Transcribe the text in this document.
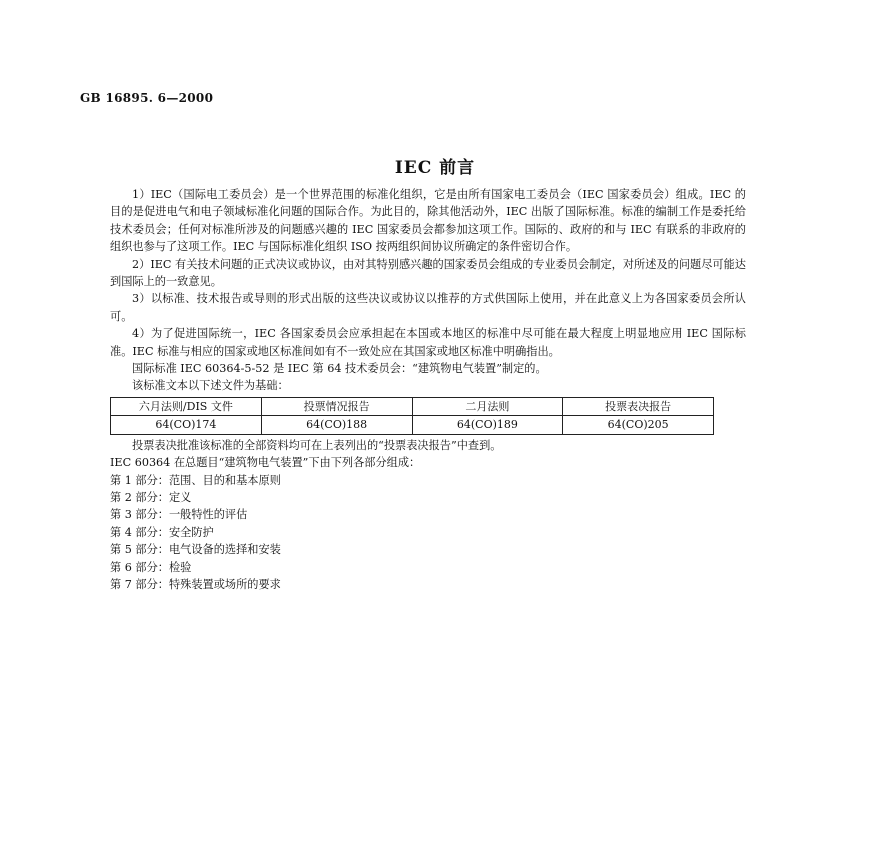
GB 16895. 6—2000
IEC 前言

1）IEC（国际电工委员会）是一个世界范围的标准化组织，它是由所有国家电工委员会（IEC 国家委员会）组成。IEC 的目的是促进电气和电子领域标准化问题的国际合作。为此目的，除其他活动外，IEC 出版了国际标准。标准的编制工作是委托给技术委员会；任何对标准所涉及的问题感兴趣的 IEC 国家委员会都参加这项工作。国际的、政府的和与 IEC 有联系的非政府的组织也参与了这项工作。IEC 与国际标准化组织 ISO 按两组织间协议所确定的条件密切合作。

2）IEC 有关技术问题的正式决议或协议，由对其特别感兴趣的国家委员会组成的专业委员会制定，对所述及的问题尽可能达到国际上的一致意见。

3）以标准、技术报告或导则的形式出版的这些决议或协议以推荐的方式供国际上使用，并在此意义上为各国家委员会所认可。

4）为了促进国际统一，IEC 各国家委员会应承担起在本国或本地区的标准中尽可能在最大程度上明显地应用 IEC 国际标准。IEC 标准与相应的国家或地区标准间如有不一致处应在其国家或地区标准中明确指出。

国际标准 IEC 60364-5-52 是 IEC 第 64 技术委员会：“建筑物电气装置”制定的。

该标准文本以下述文件为基础：

六月法则/DIS 文件	投票情况报告	二月法则	投票表决报告
64(CO)174	64(CO)188	64(CO)189	64(CO)205

投票表决批准该标准的全部资料均可在上表列出的“投票表决报告”中查到。

IEC 60364 在总题目“建筑物电气装置”下由下列各部分组成：

第 1 部分：范围、目的和基本原则

第 2 部分：定义

第 3 部分：一般特性的评估

第 4 部分：安全防护

第 5 部分：电气设备的选择和安装

第 6 部分：检验

第 7 部分：特殊装置或场所的要求
